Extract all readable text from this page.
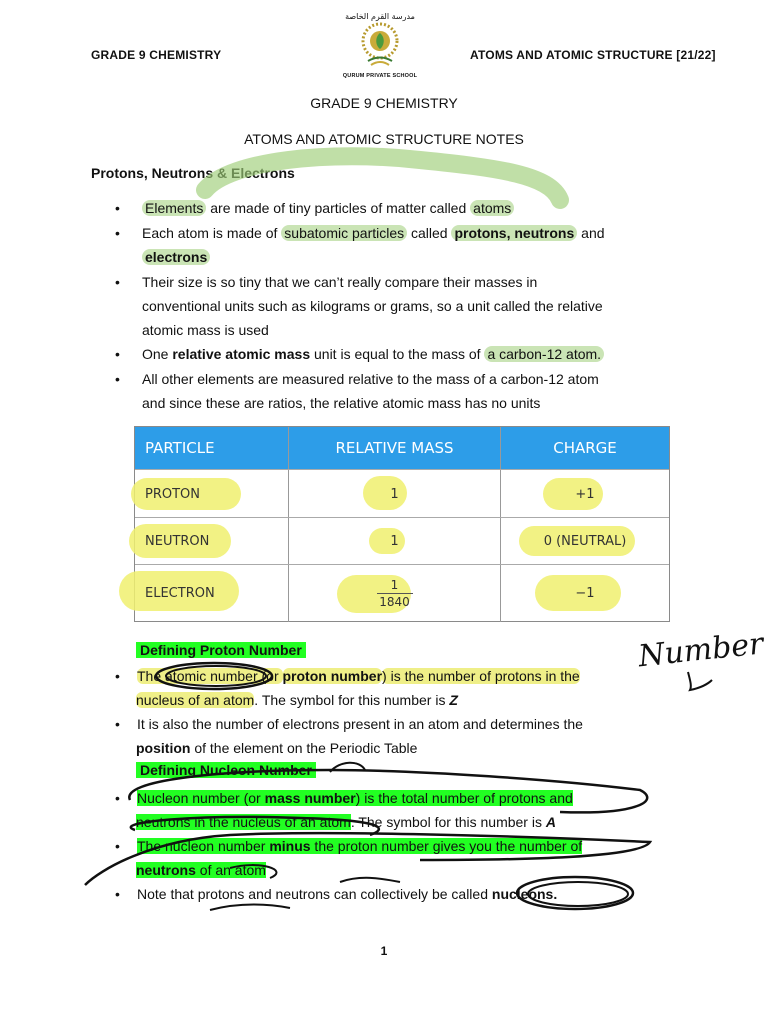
GRADE 9 CHEMISTRY
مدرسة القرم الخاصة
QURUM PRIVATE SCHOOL
ATOMS AND ATOMIC STRUCTURE [21/22]
GRADE 9 CHEMISTRY
ATOMS AND ATOMIC STRUCTURE NOTES
Protons, Neutrons & Electrons
Elements are made of tiny particles of matter called atoms
Each atom is made of subatomic particles called protons, neutrons and
electrons
Their size is so tiny that we can’t really compare their masses in
conventional units such as kilograms or grams, so a unit called the relative
atomic mass is used
One relative atomic mass unit is equal to the mass of a carbon-12 atom.
All other elements are measured relative to the mass of a carbon-12 atom
and since these are ratios, the relative atomic mass has no units
PARTICLE	RELATIVE MASS	CHARGE
PROTON	1	+1
NEUTRON	1	0 (NEUTRAL)
ELECTRON	$\frac{1}{1840}$	−1
Defining Proton Number
The atomic number (or proton number) is the number of protons in the
nucleus of an atom. The symbol for this number is Z
It is also the number of electrons present in an atom and determines the
position of the element on the Periodic Table
Defining Nucleon Number
Nucleon number (or mass number) is the total number of protons and
neutrons in the nucleus of an atom. The symbol for this number is A
The nucleon number minus the proton number gives you the number of
neutrons of an atom
Note that protons and neutrons can collectively be called nucleons.
1
Number
